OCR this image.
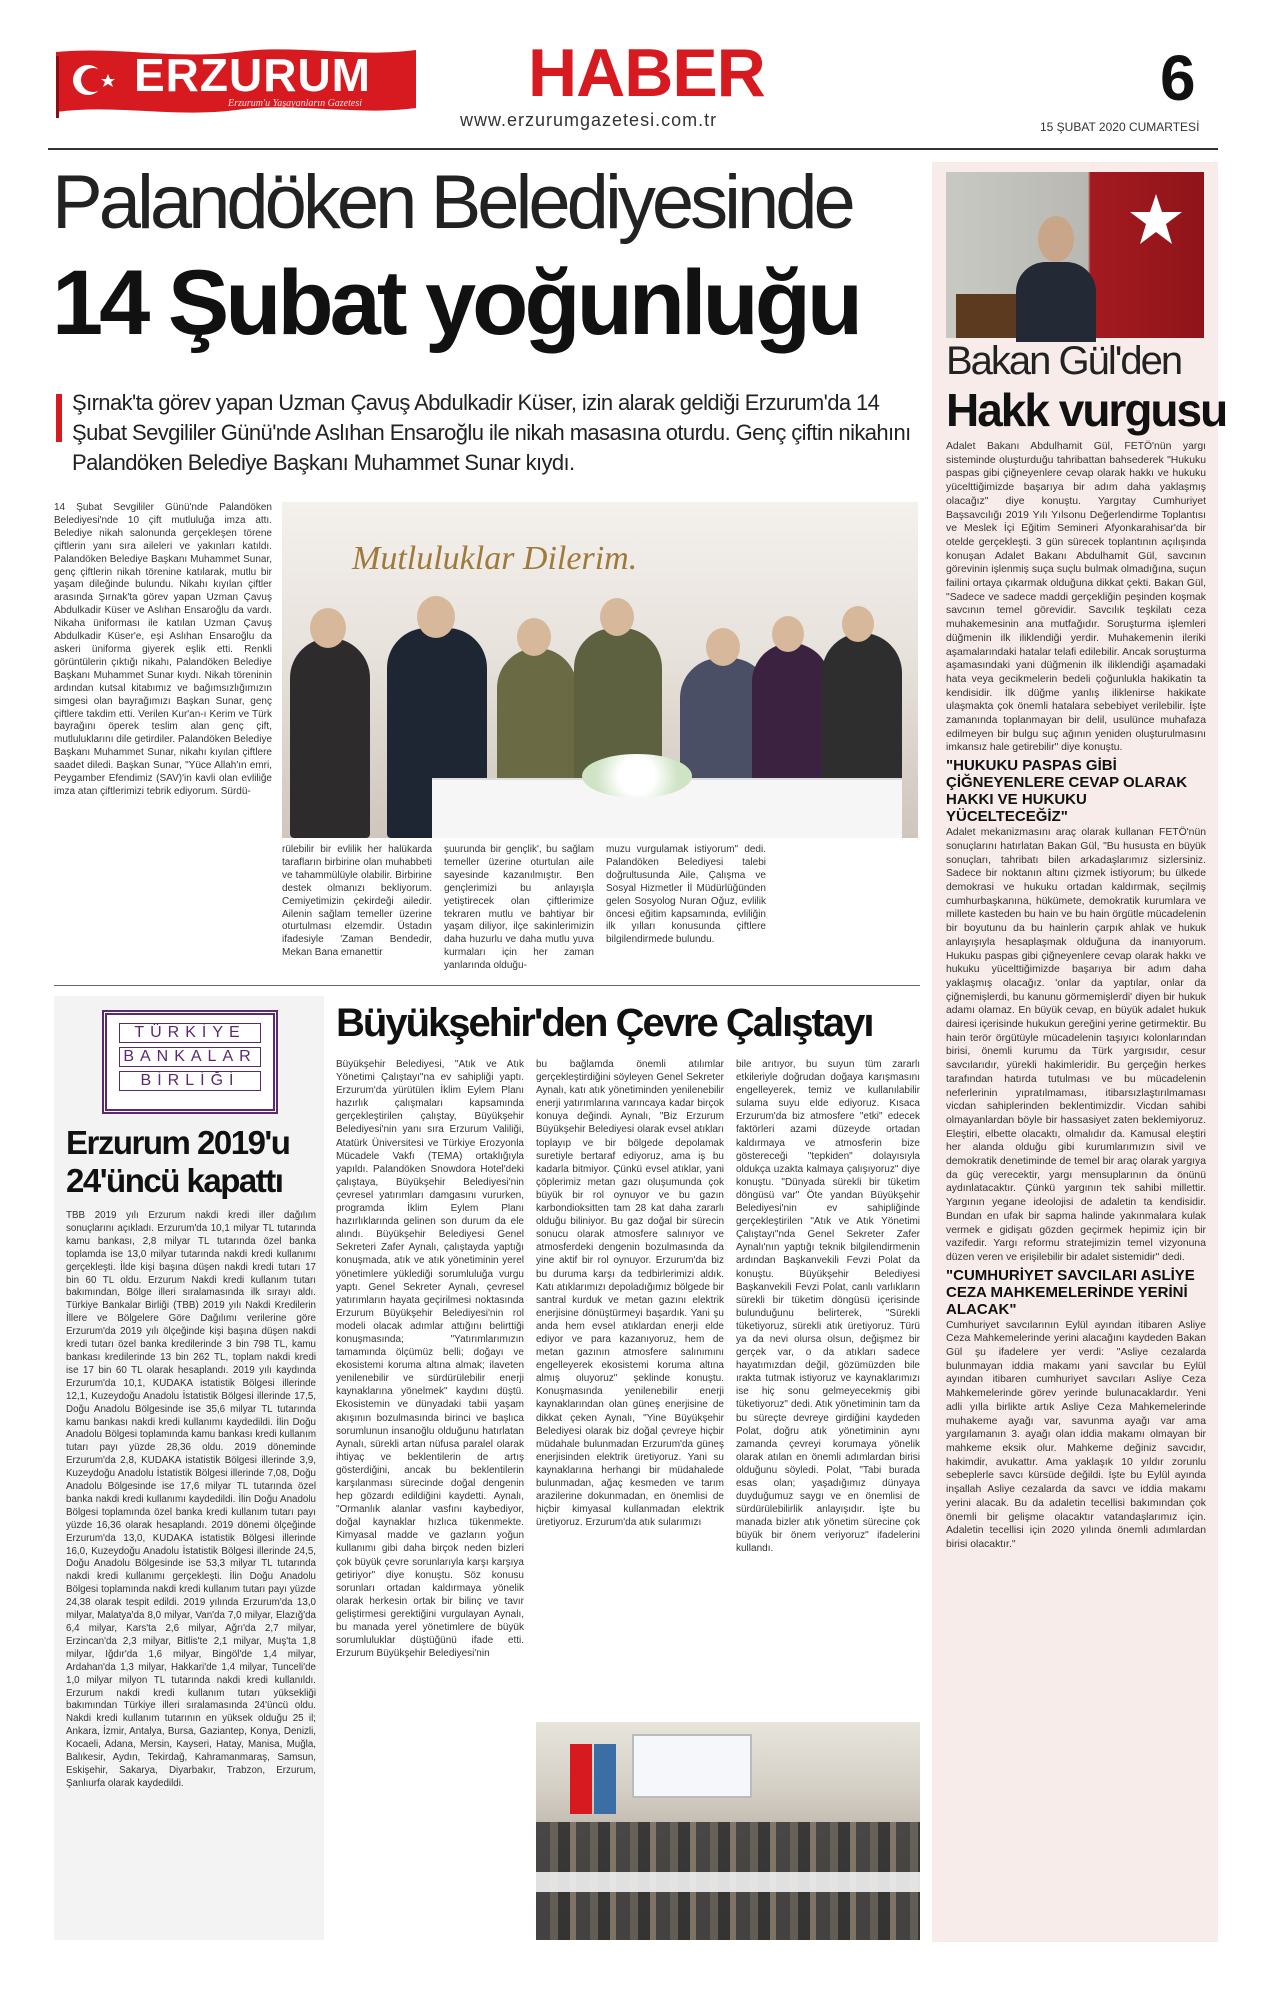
ERZURUM
Erzurum'u Yaşayanların Gazetesi HABER
www.erzurumgazetesi.com.tr
6
15 ŞUBAT 2020 CUMARTESİ
Palandöken Belediyesinde
14 Şubat yoğunluğu
Şırnak'ta görev yapan Uzman Çavuş Abdulkadir Küser, izin alarak geldiği Erzurum'da 14 Şubat Sevgililer Günü'nde Aslıhan Ensaroğlu ile nikah masasına oturdu. Genç çiftin nikahını Palandöken Belediye Başkanı Muhammet Sunar kıydı.
14 Şubat Sevgililer Günü'nde Palandöken Belediyesi'nde 10 çift mutluluğa imza attı. Belediye nikah salonunda gerçekleşen törene çiftlerin yanı sıra aileleri ve yakınları katıldı. Palandöken Belediye Başkanı Muhammet Sunar, genç çiftlerin nikah törenine katılarak, mutlu bir yaşam dileğinde bulundu. Nikahı kıyılan çiftler arasında Şırnak'ta görev yapan Uzman Çavuş Abdulkadir Küser ve Aslıhan Ensaroğlu da vardı. Nikaha üniforması ile katılan Uzman Çavuş Abdulkadir Küser'e, eşi Aslıhan Ensaroğlu da askeri üniforma giyerek eşlik etti. Renkli görüntülerin çıktığı nikahı, Palandöken Belediye Başkanı Muhammet Sunar kıydı. Nikah töreninin ardından kutsal kitabımız ve bağımsızlığımızın simgesi olan bayrağımızı Başkan Sunar, genç çiftlere takdim etti. Verilen Kur'an-ı Kerim ve Türk bayrağını öperek teslim alan genç çift, mutluluklarını dile getirdiler. Palandöken Belediye Başkanı Muhammet Sunar, nikahı kıyılan çiftlere saadet diledi. Başkan Sunar, "Yüce Allah'ın emri, Peygamber Efendimiz (SAV)'in kavli olan evliliğe imza atan çiftlerimizi tebrik ediyorum. Sürdü-
Mutluluklar Dilerim.
rülebilir bir evlilik her halükarda tarafların birbirine olan muhabbeti ve tahammülüyle olabilir. Birbirine destek olmanızı bekliyorum. Cemiyetimizin çekirdeği ailedir. Ailenin sağlam temeller üzerine oturtulması elzemdir. Üstadın ifadesiyle 'Zaman Bendedir, Mekan Bana emanettir
şuurunda bir gençlik', bu sağlam temeller üzerine oturtulan aile sayesinde kazanılmıştır. Ben gençlerimizi bu anlayışla yetiştirecek olan çiftlerimize tekraren mutlu ve bahtiyar bir yaşam diliyor, ilçe sakinlerimizin daha huzurlu ve daha mutlu yuva kurmaları için her zaman yanlarında olduğu-
muzu vurgulamak istiyorum" dedi. Palandöken Belediyesi talebi doğrultusunda Aile, Çalışma ve Sosyal Hizmetler İl Müdürlüğünden gelen Sosyolog Nuran Oğuz, evlilik öncesi eğitim kapsamında, evliliğin ilk yılları konusunda çiftlere bilgilendirmede bulundu.
Bakan Gül'den
Hakk vurgusu

Adalet Bakanı Abdulhamit Gül, FETÖ'nün yargı sisteminde oluşturduğu tahribattan bahsederek "Hukuku paspas gibi çiğneyenlere cevap olarak hakkı ve hukuku yücelttiğimizde başarıya bir adım daha yaklaşmış olacağız" diye konuştu. Yargıtay Cumhuriyet Başsavcılığı 2019 Yılı Yılsonu Değerlendirme Toplantısı ve Meslek İçi Eğitim Semineri Afyonkarahisar'da bir otelde gerçekleşti. 3 gün sürecek toplantının açılışında konuşan Adalet Bakanı Abdulhamit Gül, savcının görevinin işlenmiş suça suçlu bulmak olmadığına, suçun failini ortaya çıkarmak olduğuna dikkat çekti. Bakan Gül, "Sadece ve sadece maddi gerçekliğin peşinden koşmak savcının temel görevidir. Savcılık teşkilatı ceza muhakemesinin ana mutfağıdır. Soruşturma işlemleri düğmenin ilk iliklendiği yerdir. Muhakemenin ileriki aşamalarındaki hatalar telafi edilebilir. Ancak soruşturma aşamasındaki yani düğmenin ilk iliklendiği aşamadaki hata veya gecikmelerin bedeli çoğunlukla hakikatin ta kendisidir. İlk düğme yanlış iliklenirse hakikate ulaşmakta çok önemli hatalara sebebiyet verilebilir. İşte zamanında toplanmayan bir delil, usulünce muhafaza edilmeyen bir bulgu suç ağının yeniden oluşturulmasını imkansız hale getirebilir" diye konuştu.

"HUKUKU PASPAS GİBİ ÇİĞNEYENLERE CEVAP OLARAK HAKKI VE HUKUKU YÜCELTECEĞİZ"

Adalet mekanizmasını araç olarak kullanan FETÖ'nün sonuçlarını hatırlatan Bakan Gül, "Bu hususta en büyük sonuçları, tahribatı bilen arkadaşlarımız sizlersiniz. Sadece bir noktanın altını çizmek istiyorum; bu ülkede demokrasi ve hukuku ortadan kaldırmak, seçilmiş cumhurbaşkanına, hükümete, demokratik kurumlara ve millete kasteden bu hain ve bu hain örgütle mücadelenin bir boyutunu da bu hainlerin çarpık ahlak ve hukuk anlayışıyla hesaplaşmak olduğuna da inanıyorum. Hukuku paspas gibi çiğneyenlere cevap olarak hakkı ve hukuku yücelttiğimizde başarıya bir adım daha yaklaşmış olacağız. 'onlar da yaptılar, onlar da çiğnemişlerdi, bu kanunu görmemişlerdi' diyen bir hukuk adamı olamaz. En büyük cevap, en büyük adalet hukuk dairesi içerisinde hukukun gereğini yerine getirmektir. Bu hain terör örgütüyle mücadelenin taşıyıcı kolonlarından birisi, önemli kurumu da Türk yargısıdır, cesur savcılarıdır, yürekli hakimleridir. Bu gerçeğin herkes tarafından hatırda tutulması ve bu mücadelenin neferlerinin yıpratılmaması, itibarsızlaştırılmaması vicdan sahiplerinden beklentimizdir. Vicdan sahibi olmayanlardan böyle bir hassasiyet zaten beklemiyoruz. Eleştiri, elbette olacaktı, olmalıdır da. Kamusal eleştiri her alanda olduğu gibi kurumlarımızın sivil ve demokratik denetiminde de temel bir araç olarak yargıya da güç verecektir, yargı mensuplarının da önünü aydınlatacaktır. Çünkü yargının tek sahibi millettir. Yargının yegane ideolojisi de adaletin ta kendisidir. Bundan en ufak bir sapma halinde yakınmalara kulak vermek e gidişatı gözden geçirmek hepimiz için bir vazifedir. Yargı reformu stratejimizin temel vizyonuna düzen veren ve erişilebilir bir adalet sistemidir" dedi.

"CUMHURİYET SAVCILARI ASLİYE CEZA MAHKEMELERİNDE YERİNİ ALACAK"

Cumhuriyet savcılarının Eylül ayından itibaren Asliye Ceza Mahkemelerinde yerini alacağını kaydeden Bakan Gül şu ifadelere yer verdi: "Asliye cezalarda bulunmayan iddia makamı yani savcılar bu Eylül ayından itibaren cumhuriyet savcıları Asliye Ceza Mahkemelerinde görev yerinde bulunacaklardır. Yeni adli yılla birlikte artık Asliye Ceza Mahkemelerinde muhakeme ayağı var, savunma ayağı var ama yargılamanın 3. ayağı olan iddia makamı olmayan bir mahkeme eksik olur. Mahkeme değiniz savcıdır, hakimdir, avukattır. Ama yaklaşık 10 yıldır zorunlu sebeplerle savcı kürsüde değildi. İşte bu Eylül ayında inşallah Asliye cezalarda da savcı ve iddia makamı yerini alacak. Bu da adaletin tecellisi bakımından çok önemli bir gelişme olacaktır vatandaşlarımız için. Adaletin tecellisi için 2020 yılında önemli adımlardan birisi olacaktır."

TÜRKİYE
BANKALAR
BİRLİĞİ
Erzurum 2019'u
24'üncü kapattı
TBB 2019 yılı Erzurum nakdi kredi iller dağılım sonuçlarını açıkladı. Erzurum'da 10,1 milyar TL tutarında kamu bankası, 2,8 milyar TL tutarında özel banka toplamda ise 13,0 milyar tutarında nakdi kredi kullanımı gerçekleşti. İlde kişi başına düşen nakdi kredi tutarı 17 bin 60 TL oldu. Erzurum Nakdi kredi kullanım tutarı bakımından, Bölge illeri sıralamasında ilk sırayı aldı. Türkiye Bankalar Birliği (TBB) 2019 yılı Nakdi Kredilerin İllere ve Bölgelere Göre Dağılımı verilerine göre Erzurum'da 2019 yılı ölçeğinde kişi başına düşen nakdi kredi tutarı özel banka kredilerinde 3 bin 798 TL, kamu bankası kredilerinde 13 bin 262 TL, toplam nakdi kredi ise 17 bin 60 TL olarak hesaplandı. 2019 yılı kaydında Erzurum'da 10,1, KUDAKA istatistik Bölgesi illerinde 12,1, Kuzeydoğu Anadolu İstatistik Bölgesi illerinde 17,5, Doğu Anadolu Bölgesinde ise 35,6 milyar TL tutarında kamu bankası nakdi kredi kullanımı kaydedildi. İlin Doğu Anadolu Bölgesi toplamında kamu bankası kredi kullanım tutarı payı yüzde 28,36 oldu. 2019 döneminde Erzurum'da 2,8, KUDAKA istatistik Bölgesi illerinde 3,9, Kuzeydoğu Anadolu İstatistik Bölgesi illerinde 7,08, Doğu Anadolu Bölgesinde ise 17,6 milyar TL tutarında özel banka nakdi kredi kullanımı kaydedildi. İlin Doğu Anadolu Bölgesi toplamında özel banka kredi kullanım tutarı payı yüzde 16,36 olarak hesaplandı. 2019 dönemi ölçeğinde Erzurum'da 13,0, KUDAKA istatistik Bölgesi illerinde 16,0, Kuzeydoğu Anadolu İstatistik Bölgesi illerinde 24,5, Doğu Anadolu Bölgesinde ise 53,3 milyar TL tutarında nakdi kredi kullanımı gerçekleşti. İlin Doğu Anadolu Bölgesi toplamında nakdi kredi kullanım tutarı payı yüzde 24,38 olarak tespit edildi. 2019 yılında Erzurum'da 13,0 milyar, Malatya'da 8,0 milyar, Van'da 7,0 milyar, Elazığ'da 6,4 milyar, Kars'ta 2,6 milyar, Ağrı'da 2,7 milyar, Erzincan'da 2,3 milyar, Bitlis'te 2,1 milyar, Muş'ta 1,8 milyar, Iğdır'da 1,6 milyar, Bingöl'de 1,4 milyar, Ardahan'da 1,3 milyar, Hakkari'de 1,4 milyar, Tunceli'de 1,0 milyar milyon TL tutarında nakdi kredi kullanıldı. Erzurum nakdi kredi kullanım tutarı yüksekliği bakımından Türkiye illeri sıralamasında 24'üncü oldu. Nakdi kredi kullanım tutarının en yüksek olduğu 25 il; Ankara, İzmir, Antalya, Bursa, Gaziantep, Konya, Denizli, Kocaeli, Adana, Mersin, Kayseri, Hatay, Manisa, Muğla, Balıkesir, Aydın, Tekirdağ, Kahramanmaraş, Samsun, Eskişehir, Sakarya, Diyarbakır, Trabzon, Erzurum, Şanlıurfa olarak kaydedildi.
Büyükşehir'den Çevre Çalıştayı
Büyükşehir Belediyesi, "Atık ve Atık Yönetimi Çalıştayı"na ev sahipliği yaptı. Erzurum'da yürütülen İklim Eylem Planı hazırlık çalışmaları kapsamında gerçekleştirilen çalıştay, Büyükşehir Belediyesi'nin yanı sıra Erzurum Valiliği, Atatürk Üniversitesi ve Türkiye Erozyonla Mücadele Vakfı (TEMA) ortaklığıyla yapıldı. Palandöken Snowdora Hotel'deki çalıştaya, Büyükşehir Belediyesi'nin çevresel yatırımları damgasını vururken, programda İklim Eylem Planı hazırlıklarında gelinen son durum da ele alındı. Büyükşehir Belediyesi Genel Sekreteri Zafer Aynalı, çalıştayda yaptığı konuşmada, atık ve atık yönetiminin yerel yönetimlere yüklediği sorumluluğa vurgu yaptı. Genel Sekreter Aynalı, çevresel yatırımların hayata geçirilmesi noktasında Erzurum Büyükşehir Belediyesi'nin rol modeli olacak adımlar attığını belirttiği konuşmasında; "Yatırımlarımızın tamamında ölçümüz belli; doğayı ve ekosistemi koruma altına almak; ilaveten yenilenebilir ve sürdürülebilir enerji kaynaklarına yönelmek" kaydını düştü. Ekosistemin ve dünyadaki tabii yaşam akışının bozulmasında birinci ve başlıca sorumlunun insanoğlu olduğunu hatırlatan Aynalı, sürekli artan nüfusa paralel olarak ihtiyaç ve beklentilerin de artış gösterdiğini, ancak bu beklentilerin karşılanması sürecinde doğal dengenin hep gözardı edildiğini kaydetti. Aynalı, "Ormanlık alanlar vasfını kaybediyor, doğal kaynaklar hızlıca tükenmekte. Kimyasal madde ve gazların yoğun kullanımı gibi daha birçok neden bizleri çok büyük çevre sorunlarıyla karşı karşıya getiriyor" diye konuştu. Söz konusu sorunları ortadan kaldırmaya yönelik olarak herkesin ortak bir bilinç ve tavır geliştirmesi gerektiğini vurgulayan Aynalı, bu manada yerel yönetimlere de büyük sorumluluklar düştüğünü ifade etti. Erzurum Büyükşehir Belediyesi'nin
bu bağlamda önemli atılımlar gerçekleştirdiğini söyleyen Genel Sekreter Aynalı, katı atık yönetiminden yenilenebilir enerji yatırımlarına varıncaya kadar birçok konuya değindi. Aynalı, "Biz Erzurum Büyükşehir Belediyesi olarak evsel atıkları toplayıp ve bir bölgede depolamak suretiyle bertaraf ediyoruz, ama iş bu kadarla bitmiyor. Çünkü evsel atıklar, yani çöplerimiz metan gazı oluşumunda çok büyük bir rol oynuyor ve bu gazın karbondioksitten tam 28 kat daha zararlı olduğu biliniyor. Bu gaz doğal bir sürecin sonucu olarak atmosfere salınıyor ve atmosferdeki dengenin bozulmasında da yine aktif bir rol oynuyor. Erzurum'da biz bu duruma karşı da tedbirlerimizi aldık. Katı atıklarımızı depoladığımız bölgede bir santral kurduk ve metan gazını elektrik enerjisine dönüştürmeyi başardık. Yani şu anda hem evsel atıklardan enerji elde ediyor ve para kazanıyoruz, hem de metan gazının atmosfere salınımını engelleyerek ekosistemi koruma altına almış oluyoruz" şeklinde konuştu. Konuşmasında yenilenebilir enerji kaynaklarından olan güneş enerjisine de dikkat çeken Aynalı, "Yine Büyükşehir Belediyesi olarak biz doğal çevreye hiçbir müdahale bulunmadan Erzurum'da güneş enerjisinden elektrik üretiyoruz. Yani su kaynaklarına herhangi bir müdahalede bulunmadan, ağaç kesmeden ve tarım arazilerine dokunmadan, en önemlisi de hiçbir kimyasal kullanmadan elektrik üretiyoruz. Erzurum'da atık sularımızı
bile arıtıyor, bu suyun tüm zararlı etkileriyle doğrudan doğaya karışmasını engelleyerek, temiz ve kullanılabilir sulama suyu elde ediyoruz. Kısaca Erzurum'da biz atmosfere "etki" edecek faktörleri azami düzeyde ortadan kaldırmaya ve atmosferin bize göstereceği "tepkiden" dolayısıyla oldukça uzakta kalmaya çalışıyoruz" diye konuştu. "Dünyada sürekli bir tüketim döngüsü var" Öte yandan Büyükşehir Belediyesi'nin ev sahipliğinde gerçekleştirilen "Atık ve Atık Yönetimi Çalıştayı"nda Genel Sekreter Zafer Aynalı'nın yaptığı teknik bilgilendirmenin ardından Başkanvekili Fevzi Polat da konuştu. Büyükşehir Belediyesi Başkanvekili Fevzi Polat, canlı varlıkların sürekli bir tüketim döngüsü içerisinde bulunduğunu belirterek, "Sürekli tüketiyoruz, sürekli atık üretiyoruz. Türü ya da nevi olursa olsun, değişmez bir gerçek var, o da atıkları sadece hayatımızdan değil, gözümüzden bile ırakta tutmak istiyoruz ve kaynaklarımızı ise hiç sonu gelmeyecekmiş gibi tüketiyoruz" dedi. Atık yönetiminin tam da bu süreçte devreye girdiğini kaydeden Polat, doğru atık yönetiminin aynı zamanda çevreyi korumaya yönelik olarak atılan en önemli adımlardan birisi olduğunu söyledi. Polat, "Tabi burada esas olan; yaşadığımız dünyaya duyduğumuz saygı ve en önemlisi de sürdürülebilirlik anlayışıdır. İşte bu manada bizler atık yönetim sürecine çok büyük bir önem veriyoruz" ifadelerini kullandı.
